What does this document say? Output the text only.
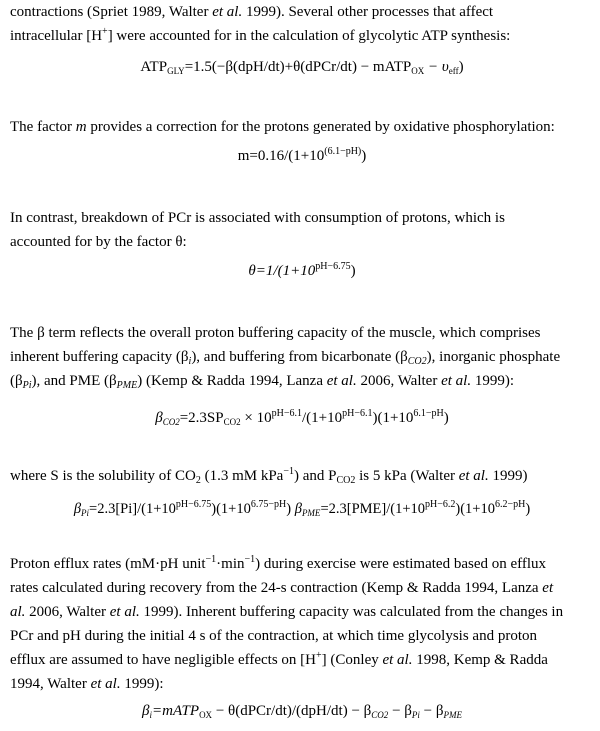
contractions (Spriet 1989, Walter et al. 1999). Several other processes that affect
intracellular [H+] were accounted for in the calculation of glycolytic ATP synthesis:

$ATP_{GLY}=1.5(-\beta(dpH/dt)+\theta(dPCr/dt)$ − mATP$_{OX}$ − $\upsilon_{eff}$)

The factor m provides a correction for the protons generated by oxidative phosphorylation:

$m=0.16/(1+10^{(6.1-pH)})$

In contrast, breakdown of PCr is associated with consumption of protons, which is
accounted for by the factor θ:

$\theta=1/(1+10^{pH-6.75})$

The β term reflects the overall proton buffering capacity of the muscle, which comprises
inherent buffering capacity $(\beta_i)$, and buffering from bicarbonate $(\beta_{CO2})$, inorganic phosphate
$(\beta_{Pi})$, and PME $(\beta_{PME})$ (Kemp & Radda 1994, Lanza et al. 2006, Walter et al. 1999):

$\beta_{CO2}=2.3SP_{CO2} \times 10^{pH-6.1}/(1+10^{pH-6.1})(1+10^{6.1-pH})$

where S is the solubility of $CO_2$ (1.3 mM kPa$^{-1}$) and $P_{CO2}$ is 5 kPa (Walter et al. 1999)

$\beta_{Pi}=2.3[Pi]/(1+10^{pH-6.75})(1+10^{6.75-pH})$ $\beta_{PME}=2.3[PME]/(1+10^{pH-6.2})(1+10^{6.2-pH})$

Proton efflux rates (mM·pH $unit^{-1}\cdot\min^{-1}$) during exercise were estimated based on efflux
rates calculated during recovery from the 24-s contraction (Kemp & Radda 1994, Lanza et
al. 2006, Walter et al. 1999). Inherent buffering capacity was calculated from the changes in
PCr and pH during the initial 4 s of the contraction, at which time glycolysis and proton
efflux are assumed to have negligible effects on [H+] (Conley et al. 1998, Kemp & Radda
1994, Walter et al. 1999):

$\beta_i=mATP_{OX}$ − θ(dPCr/dt)/(dpH/dt) − $\beta_{CO2} - \beta_{Pi} - \beta_{PME}$
